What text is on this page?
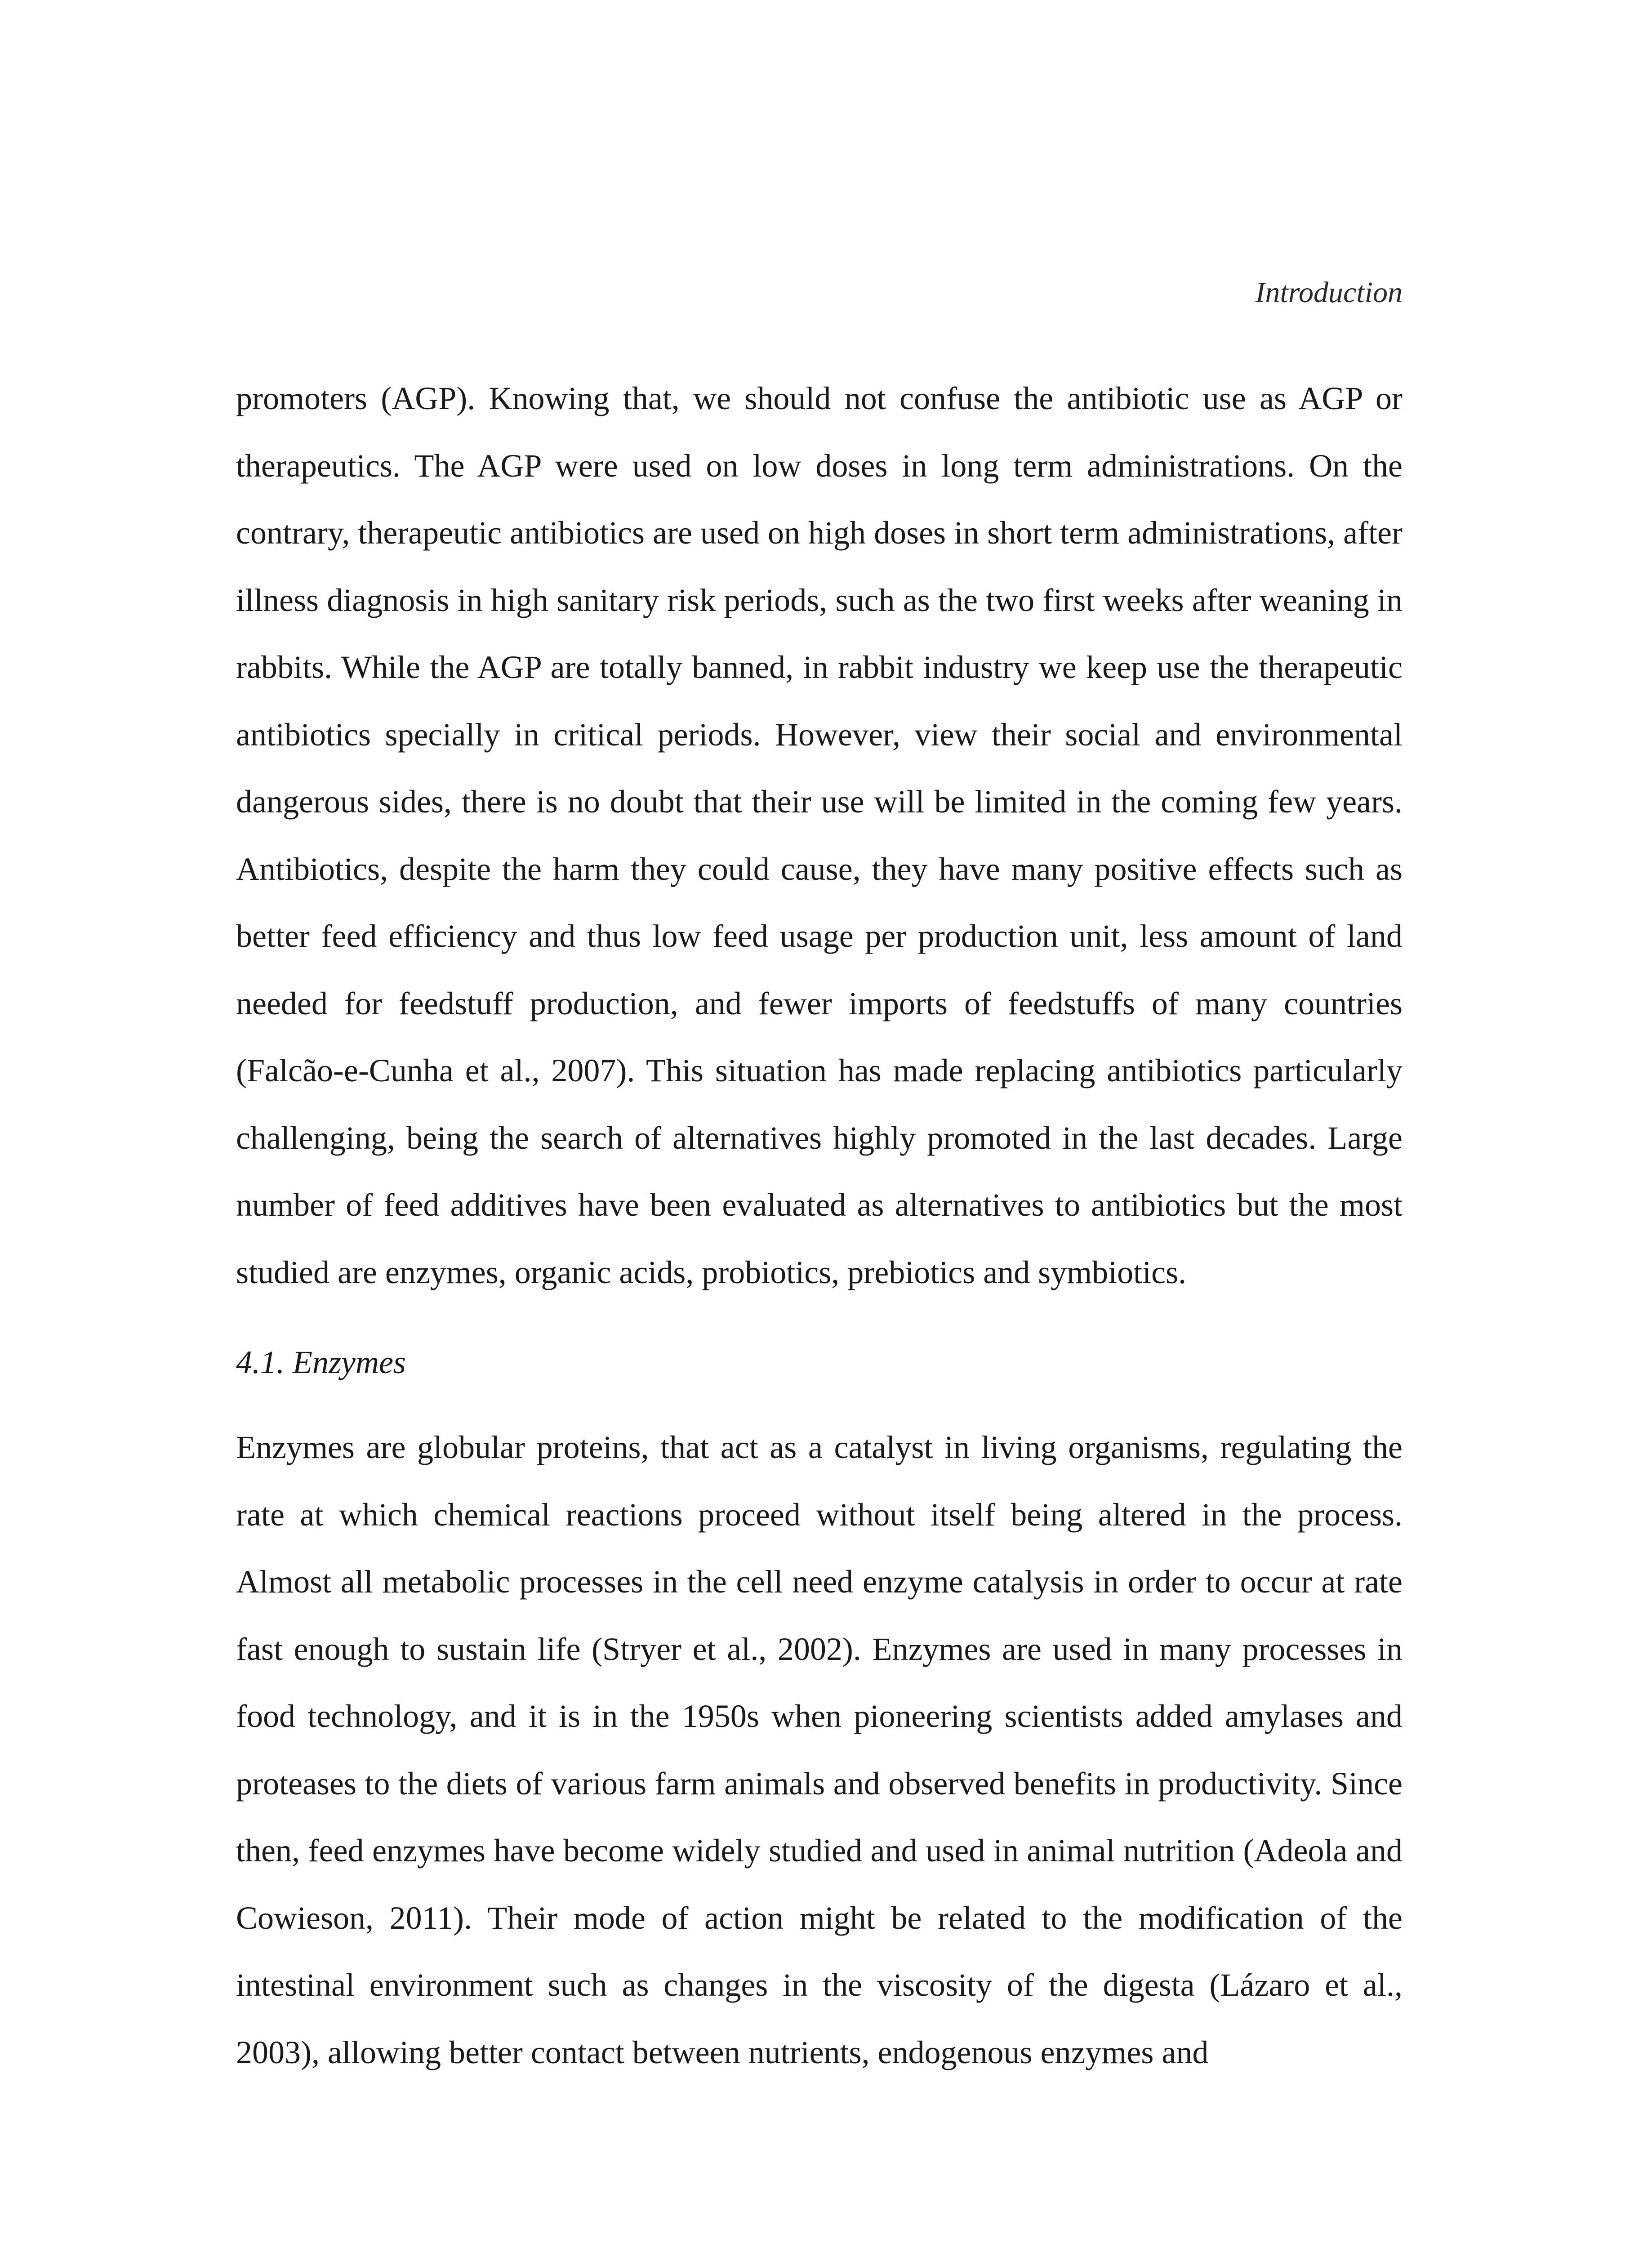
Introduction

promoters (AGP). Knowing that, we should not confuse the antibiotic use as AGP or therapeutics. The AGP were used on low doses in long term administrations. On the contrary, therapeutic antibiotics are used on high doses in short term administrations, after illness diagnosis in high sanitary risk periods, such as the two first weeks after weaning in rabbits. While the AGP are totally banned, in rabbit industry we keep use the therapeutic antibiotics specially in critical periods. However, view their social and environmental dangerous sides, there is no doubt that their use will be limited in the coming few years. Antibiotics, despite the harm they could cause, they have many positive effects such as better feed efficiency and thus low feed usage per production unit, less amount of land needed for feedstuff production, and fewer imports of feedstuffs of many countries (Falcão-e-Cunha et al., 2007). This situation has made replacing antibiotics particularly challenging, being the search of alternatives highly promoted in the last decades. Large number of feed additives have been evaluated as alternatives to antibiotics but the most studied are enzymes, organic acids, probiotics, prebiotics and symbiotics.

4.1. Enzymes

Enzymes are globular proteins, that act as a catalyst in living organisms, regulating the rate at which chemical reactions proceed without itself being altered in the process. Almost all metabolic processes in the cell need enzyme catalysis in order to occur at rate fast enough to sustain life (Stryer et al., 2002). Enzymes are used in many processes in food technology, and it is in the 1950s when pioneering scientists added amylases and proteases to the diets of various farm animals and observed benefits in productivity. Since then, feed enzymes have become widely studied and used in animal nutrition (Adeola and Cowieson, 2011). Their mode of action might be related to the modification of the intestinal environment such as changes in the viscosity of the digesta (Lázaro et al., 2003), allowing better contact between nutrients, endogenous enzymes and
